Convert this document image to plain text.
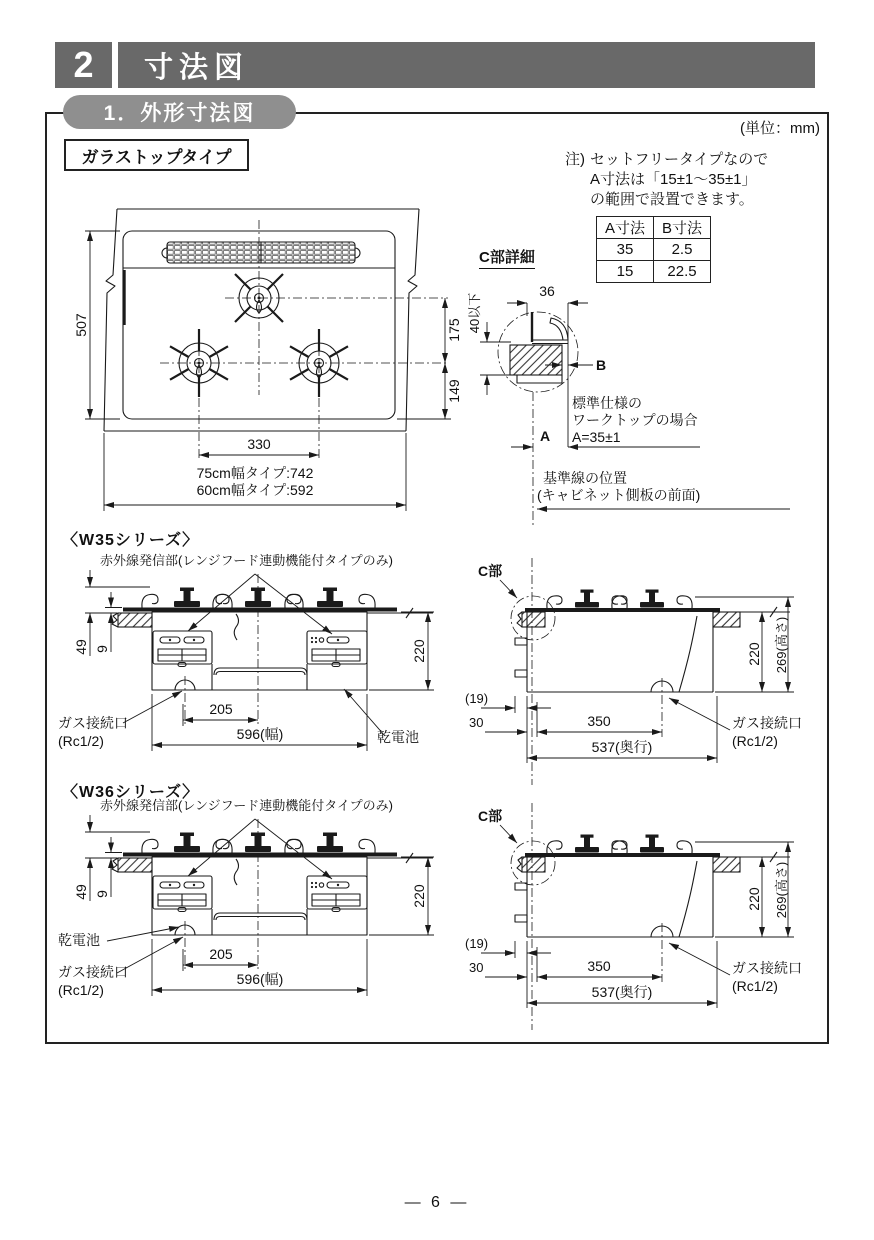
2	寸法図
1．外形寸法図
(単位：mm)
ガラストップタイプ	注) セットフリータイプなので
A寸法は「15±1～35±1」
の範囲で設置できます。
A寸法	B寸法
35	2.5
15	22.5
C部詳細
507	175
149
330
75cm幅タイプ:742
60cm幅タイプ:592
36
40以下
B
A
標準仕様の
ワークトップの場合
A=35±1
基準線の位置
(キャビネット側板の前面)
〈W35シリーズ〉
赤外線発信部(レンジフード連動機能付タイプのみ)
49 9	220
205
596(幅)
ガス接続口
(Rc1/2)	乾電池
C部
220 269(高さ)
(19)
30	350
537(奥行)
ガス接続口
(Rc1/2)
〈W36シリーズ〉
赤外線発信部(レンジフード連動機能付タイプのみ)
49 9	220
205
596(幅)
乾電池
ガス接続口
(Rc1/2)
C部
220 269(高さ)
(19)
30	350
537(奥行)
ガス接続口
(Rc1/2)
— 6 —
